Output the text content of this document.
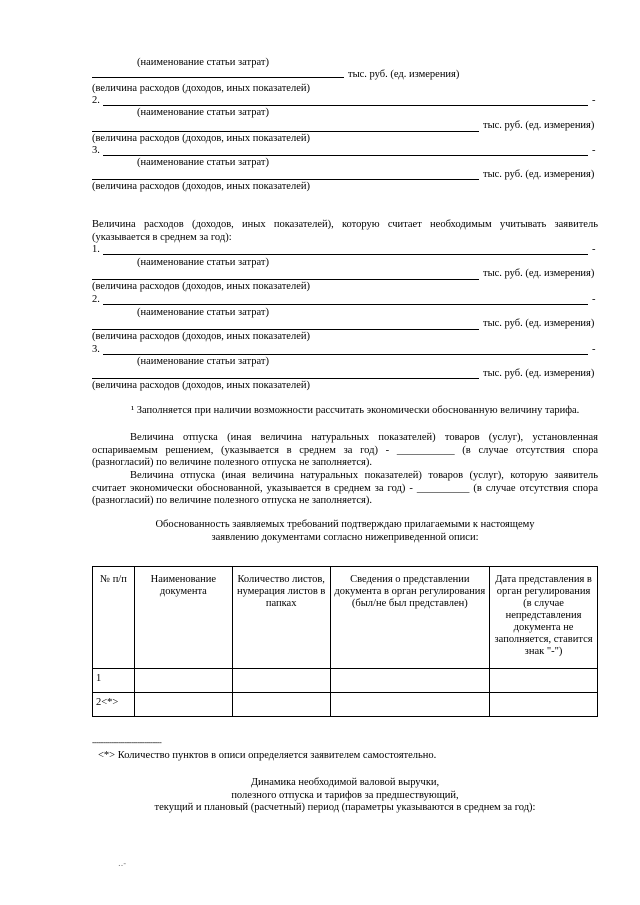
(наименование статьи затрат)
тыс. руб. (ед. измерения)
(величина расходов (доходов, иных показателей)
2.	-
(наименование статьи затрат)
тыс. руб. (ед. измерения)
(величина расходов (доходов, иных показателей)
3.	-
(наименование статьи затрат)
тыс. руб. (ед. измерения)
(величина расходов (доходов, иных показателей)
Величина расходов (доходов, иных показателей), которую считает необходимым учитывать заявитель (указывается в среднем за год):
1.	-
(наименование статьи затрат)
тыс. руб. (ед. измерения)
(величина расходов (доходов, иных показателей)
2.	-
(наименование статьи затрат)
тыс. руб. (ед. измерения)
(величина расходов (доходов, иных показателей)
3.	-
(наименование статьи затрат)
тыс. руб. (ед. измерения)
(величина расходов (доходов, иных показателей)
¹ Заполняется при наличии возможности рассчитать экономически обоснованную величину тарифа.
Величина отпуска (иная величина натуральных показателей) товаров (услуг), установленная оспариваемым решением, (указывается в среднем за год) - ___________ (в случае отсутствия спора (разногласий) по величине полезного отпуска не заполняется).
Величина отпуска (иная величина натуральных показателей) товаров (услуг), которую заявитель считает экономически обоснованной, указывается в среднем за год) - __________ (в случае отсутствия спора (разногласий) по величине полезного отпуска не заполняется).
Обоснованность заявляемых требований подтверждаю прилагаемыми к настоящему заявлению документами согласно нижеприведенной описи:
№ п/п	Наименование документа	Количество листов, нумерация листов в папках	Сведения о представлении документа в орган регулирования (был/не был представлен)	Дата представления в орган регулирования (в случае непредставления документа не заполняется, ставится знак "-")
1				
2<*>				
--------------------------------
<*> Количество пунктов в описи определяется заявителем самостоятельно.
Динамика необходимой валовой выручки,
полезного отпуска и тарифов за предшествующий,
текущий и плановый (расчетный) период (параметры указываются в среднем за год):
‥-
